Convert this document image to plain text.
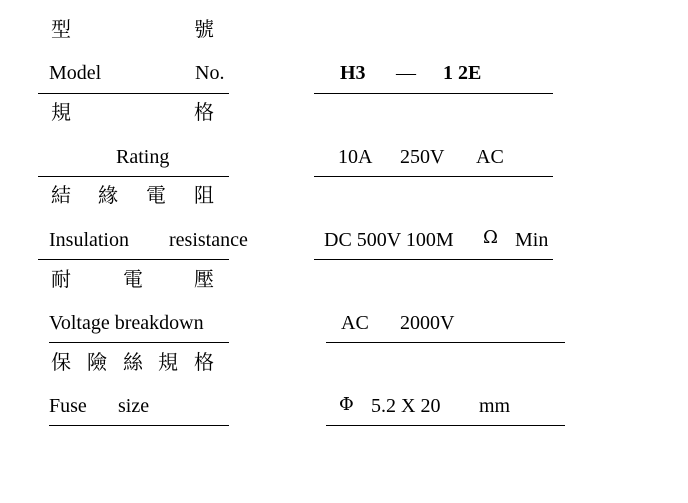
型	號
Model	No.	H3 — 1 2E
規	格
Rating	10A 250V AC
結 緣 電 阻
Insulation resistance	DC 500V 100M Ω Min
耐	電	壓
Voltage breakdown	AC 2000V
保 險 絲 規 格
Fuse size	Φ 5.2 X 20 mm
